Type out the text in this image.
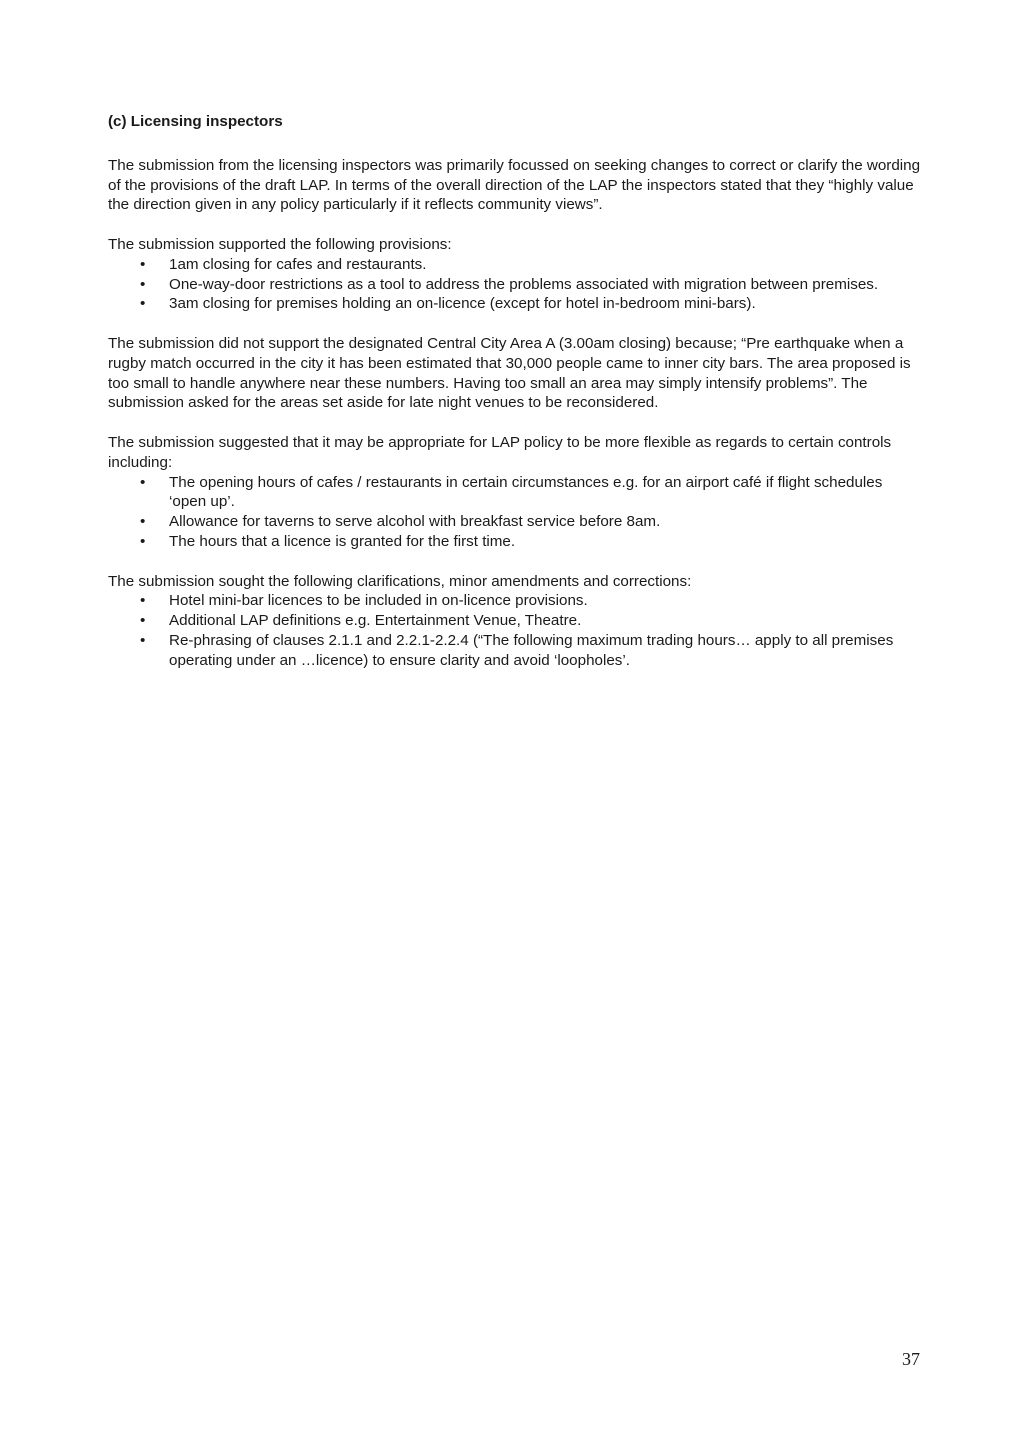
(c) Licensing inspectors

The submission from the licensing inspectors was primarily focussed on seeking changes to correct or clarify the wording of the provisions of the draft LAP. In terms of the overall direction of the LAP the inspectors stated that they “highly value the direction given in any policy particularly if it reflects community views”.

The submission supported the following provisions:

• 1am closing for cafes and restaurants.
• One-way-door restrictions as a tool to address the problems associated with migration between premises.
• 3am closing for premises holding an on-licence (except for hotel in-bedroom mini-bars).

The submission did not support the designated Central City Area A (3.00am closing) because; “Pre earthquake when a rugby match occurred in the city it has been estimated that 30,000 people came to inner city bars. The area proposed is too small to handle anywhere near these numbers. Having too small an area may simply intensify problems”. The submission asked for the areas set aside for late night venues to be reconsidered.

The submission suggested that it may be appropriate for LAP policy to be more flexible as regards to certain controls including:

• The opening hours of cafes / restaurants in certain circumstances e.g. for an airport café if flight schedules ‘open up’.
• Allowance for taverns to serve alcohol with breakfast service before 8am.
• The hours that a licence is granted for the first time.

The submission sought the following clarifications, minor amendments and corrections:

• Hotel mini-bar licences to be included in on-licence provisions.
• Additional LAP definitions e.g. Entertainment Venue, Theatre.
• Re-phrasing of clauses 2.1.1 and 2.2.1-2.2.4 (“The following maximum trading hours… apply to all premises operating under an …licence) to ensure clarity and avoid ‘loopholes’.
37
